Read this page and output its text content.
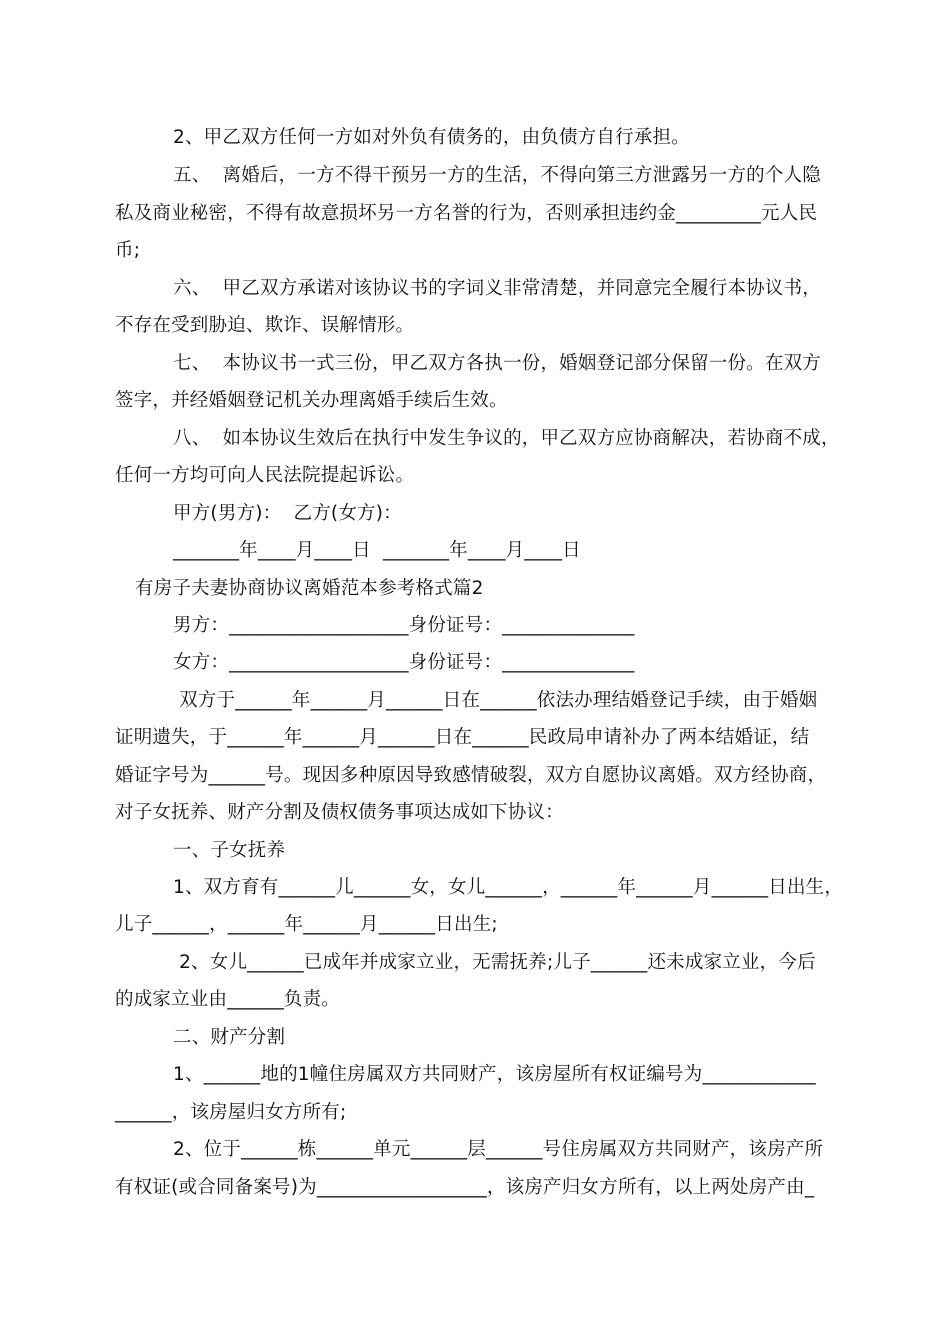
2、甲乙双方任何一方如对外负有债务的，由负债方自行承担。
五、  离婚后，一方不得干预另一方的生活，不得向第三方泄露另一方的个人隐
私及商业秘密，不得有故意损坏另一方名誉的行为，否则承担违约金_________元人民
币;
六、  甲乙双方承诺对该协议书的字词义非常清楚，并同意完全履行本协议书，
不存在受到胁迫、欺诈、误解情形。
七、  本协议书一式三份，甲乙双方各执一份，婚姻登记部分保留一份。在双方
签字，并经婚姻登记机关办理离婚手续后生效。
八、  如本协议生效后在执行中发生争议的，甲乙双方应协商解决，若协商不成，
任何一方均可向人民法院提起诉讼。
甲方(男方)：  乙方(女方)：
_______年____月____日  _______年____月____日
有房子夫妻协商协议离婚范本参考格式篇2
男方：___________________身份证号：______________
女方：___________________身份证号：______________
双方于______年______月______日在______依法办理结婚登记手续，由于婚姻
证明遗失，于______年______月______日在______民政局申请补办了两本结婚证，结
婚证字号为______号。现因多种原因导致感情破裂，双方自愿协议离婚。双方经协商，
对子女抚养、财产分割及债权债务事项达成如下协议：
一、子女抚养
1、双方育有______儿______女，女儿______，______年______月______日出生，
儿子______，______年______月______日出生;
2、女儿______已成年并成家立业，无需抚养;儿子______还未成家立业，今后
的成家立业由______负责。
二、财产分割
1、______地的1幢住房属双方共同财产，该房屋所有权证编号为____________
______，该房屋归女方所有;
2、位于______栋______单元______层______号住房属双方共同财产，该房产所
有权证(或合同备案号)为__________________，该房产归女方所有，以上两处房产由_
